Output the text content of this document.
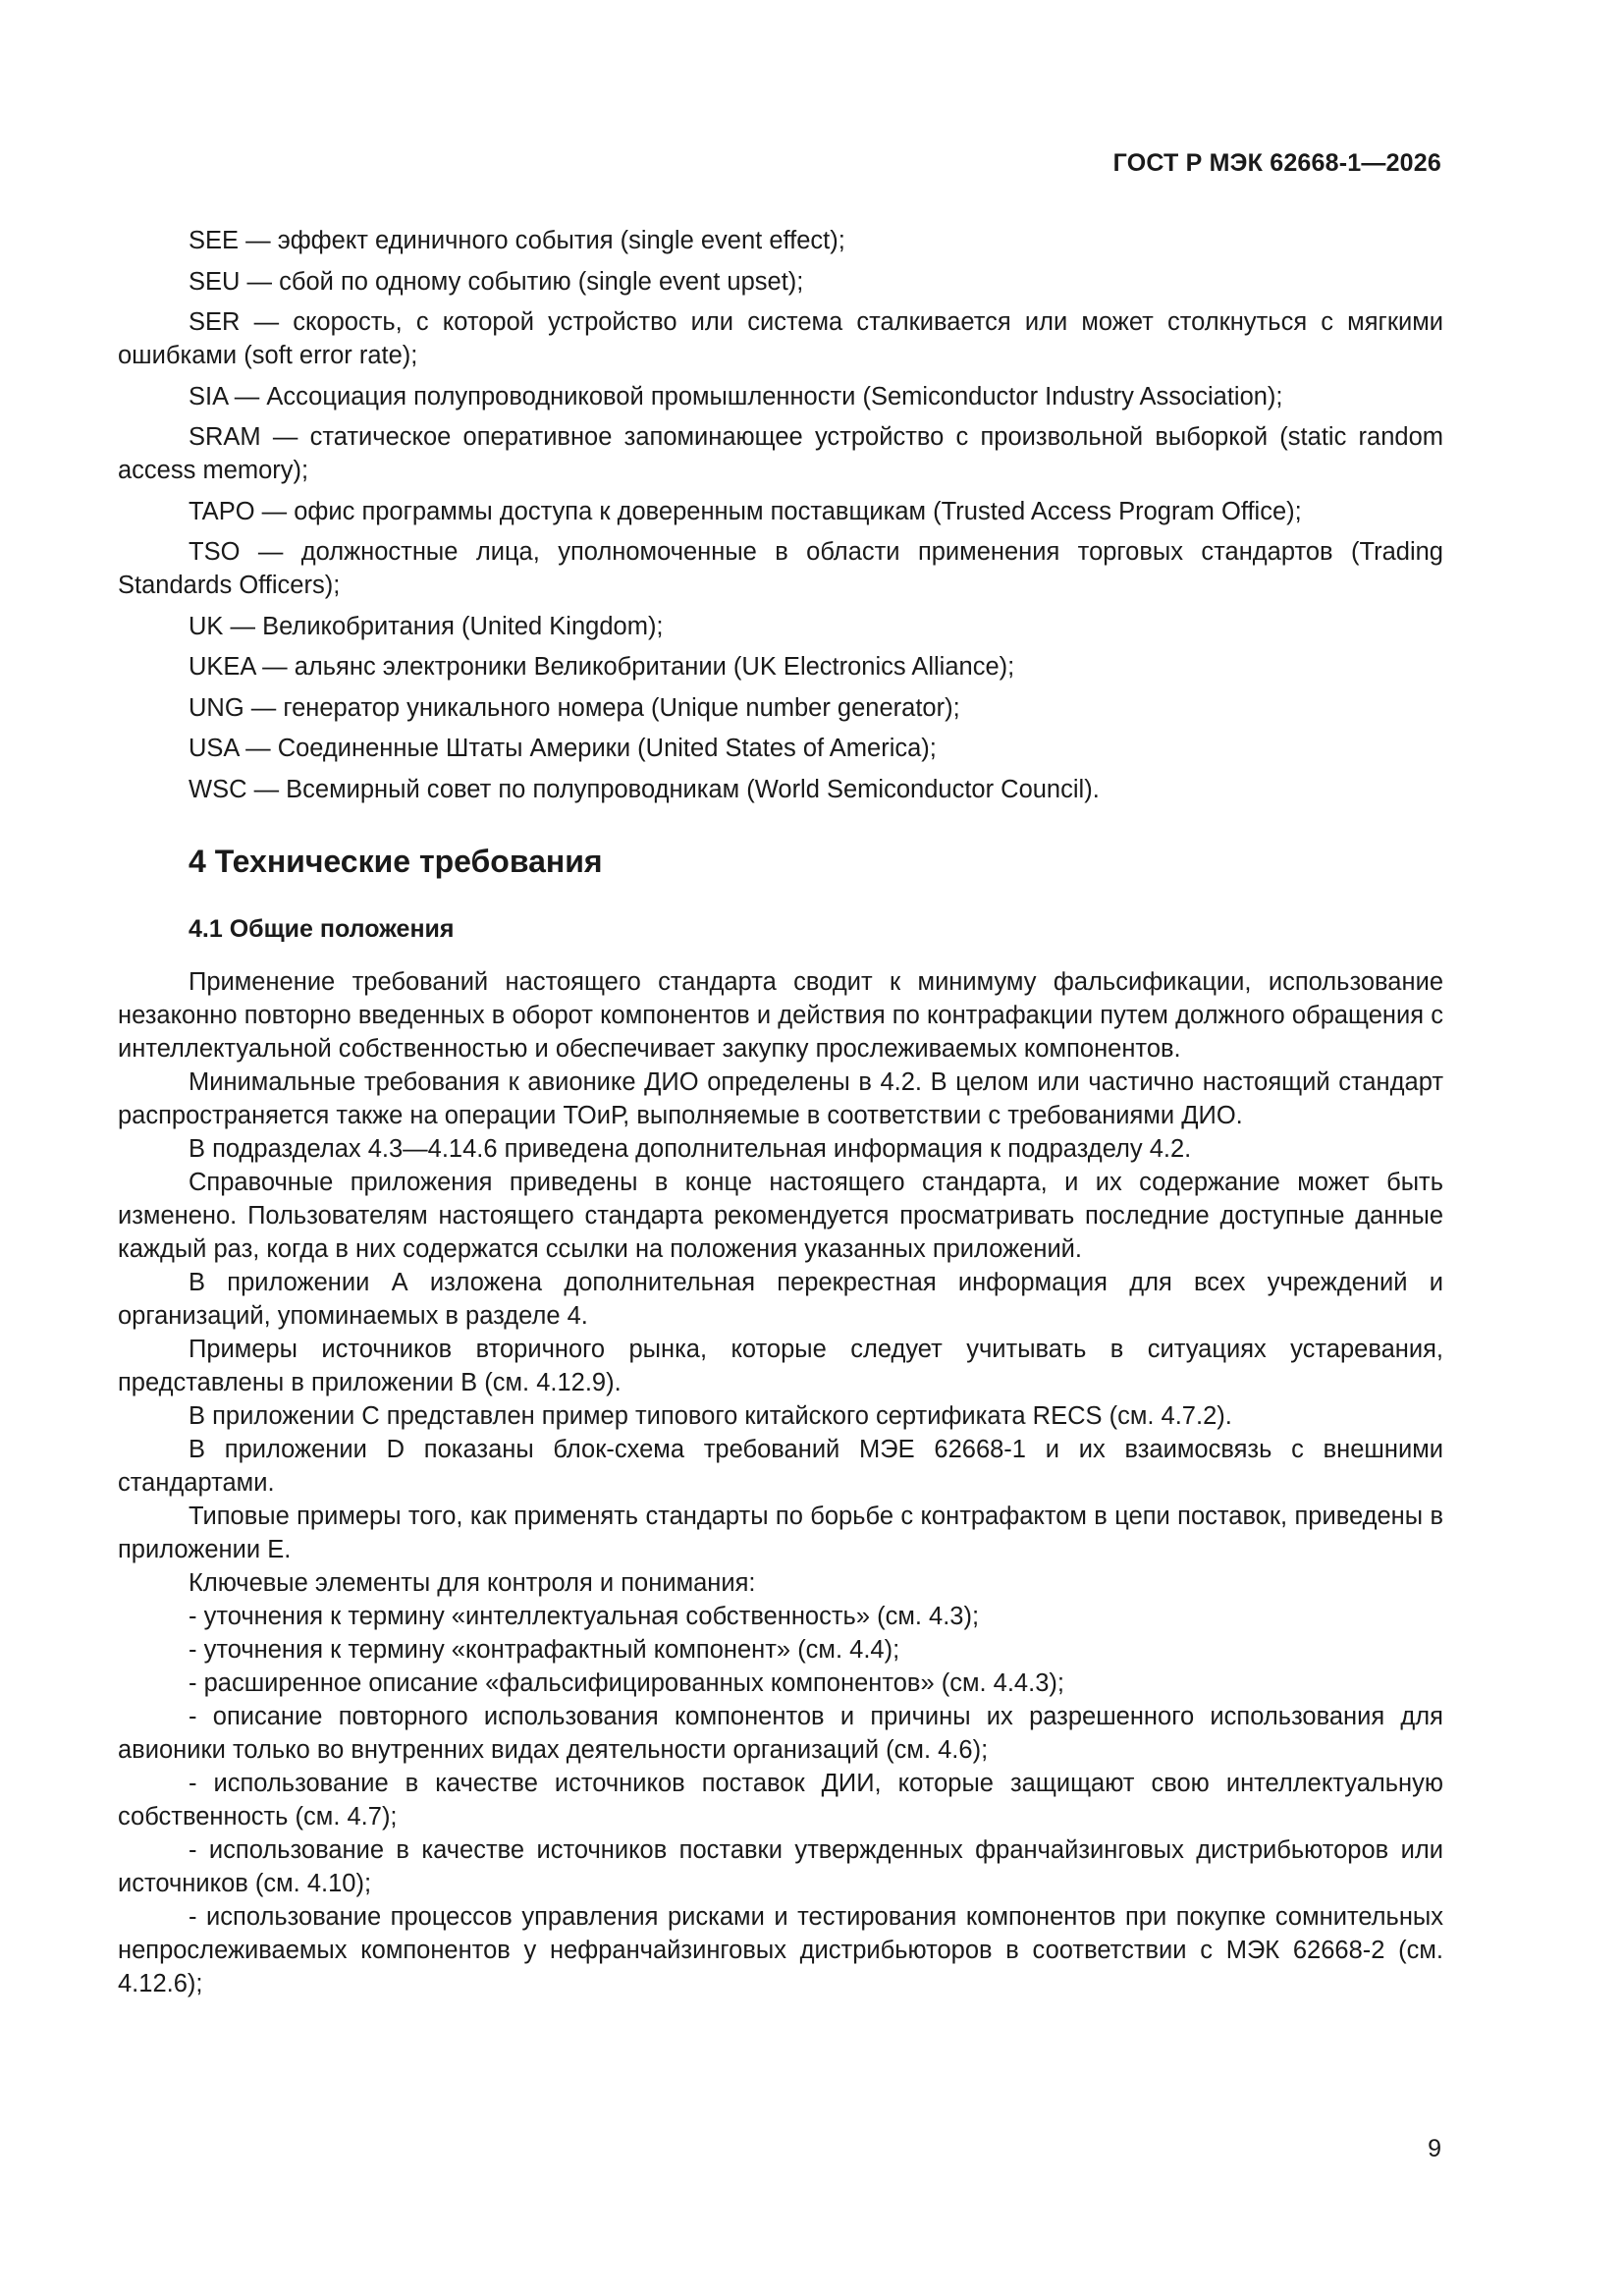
ГОСТ Р МЭК 62668-1—2026

SEE — эффект единичного события (single event effect);

SEU — сбой по одному событию (single event upset);

SER — скорость, с которой устройство или система сталкивается или может столкнуться с мягкими ошибками (soft error rate);

SIA — Ассоциация полупроводниковой промышленности (Semiconductor Industry Association);

SRAM — статическое оперативное запоминающее устройство с произвольной выборкой (static random access memory);

TAPO — офис программы доступа к доверенным поставщикам (Trusted Access Program Office);

TSO — должностные лица, уполномоченные в области применения торговых стандартов (Trading Standards Officers);

UK — Великобритания (United Kingdom);

UKEA — альянс электроники Великобритании (UK Electronics Alliance);

UNG — генератор уникального номера (Unique number generator);

USA — Соединенные Штаты Америки (United States of America);

WSC — Всемирный совет по полупроводникам (World Semiconductor Council).

4 Технические требования
4.1 Общие положения

Применение требований настоящего стандарта сводит к минимуму фальсификации, использование незаконно повторно введенных в оборот компонентов и действия по контрафакции путем должного обращения с интеллектуальной собственностью и обеспечивает закупку прослеживаемых компонентов.

Минимальные требования к авионике ДИО определены в 4.2. В целом или частично настоящий стандарт распространяется также на операции ТОиР, выполняемые в соответствии с требованиями ДИО.

В подразделах 4.3—4.14.6 приведена дополнительная информация к подразделу 4.2.

Справочные приложения приведены в конце настоящего стандарта, и их содержание может быть изменено. Пользователям настоящего стандарта рекомендуется просматривать последние доступные данные каждый раз, когда в них содержатся ссылки на положения указанных приложений.

В приложении А изложена дополнительная перекрестная информация для всех учреждений и организаций, упоминаемых в разделе 4.

Примеры источников вторичного рынка, которые следует учитывать в ситуациях устаревания, представлены в приложении В (см. 4.12.9).

В приложении С представлен пример типового китайского сертификата RECS (см. 4.7.2).

В приложении D показаны блок-схема требований МЭЕ 62668-1 и их взаимосвязь с внешними стандартами.

Типовые примеры того, как применять стандарты по борьбе с контрафактом в цепи поставок, приведены в приложении Е.

Ключевые элементы для контроля и понимания:

- уточнения к термину «интеллектуальная собственность» (см. 4.3);

- уточнения к термину «контрафактный компонент» (см. 4.4);

- расширенное описание «фальсифицированных компонентов» (см. 4.4.3);

- описание повторного использования компонентов и причины их разрешенного использования для авионики только во внутренних видах деятельности организаций (см. 4.6);

- использование в качестве источников поставок ДИИ, которые защищают свою интеллектуальную собственность (см. 4.7);

- использование в качестве источников поставки утвержденных франчайзинговых дистрибьюторов или источников (см. 4.10);

- использование процессов управления рисками и тестирования компонентов при покупке сомнительных непрослеживаемых компонентов у нефранчайзинговых дистрибьюторов в соответствии с МЭК 62668-2 (см. 4.12.6);

9
